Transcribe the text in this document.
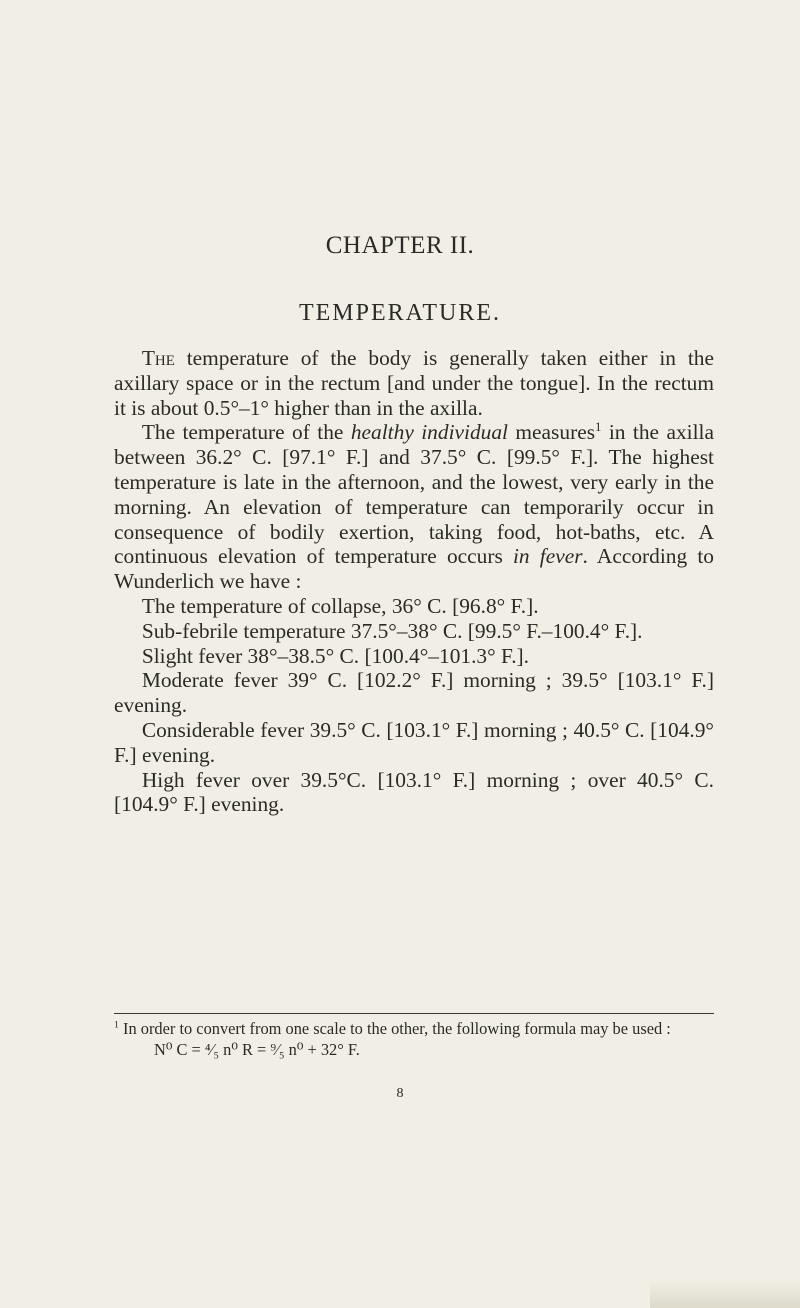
CHAPTER II.
TEMPERATURE.

The temperature of the body is generally taken either in the axillary space or in the rectum [and under the tongue]. In the rectum it is about 0.5°–1° higher than in the axilla.

The temperature of the healthy individual measures$^1$ in the axilla between 36.2° C. [97.1° F.] and 37.5° C. [99.5° F.]. The highest temperature is late in the afternoon, and the lowest, very early in the morning. An elevation of temperature can temporarily occur in consequence of bodily exertion, taking food, hot-baths, etc. A continuous elevation of temperature occurs in fever. According to Wunderlich we have :

The temperature of collapse, 36° C. [96.8° F.].

Sub-febrile temperature 37.5°–38° C. [99.5° F.–100.4° F.].

Slight fever 38°–38.5° C. [100.4°–101.3° F.].

Moderate fever 39° C. [102.2° F.] morning ; 39.5° [103.1° F.] evening.

Considerable fever 39.5° C. [103.1° F.] morning ; 40.5° C. [104.9° F.] evening.

High fever over 39.5°C. [103.1° F.] morning ; over 40.5° C. [104.9° F.] evening.

$^1$ In order to convert from one scale to the other, the following formula may be used :

N⁰ C = ⁴⁄₅ n⁰ R = ⁹⁄₅ n⁰ + 32° F.

8
